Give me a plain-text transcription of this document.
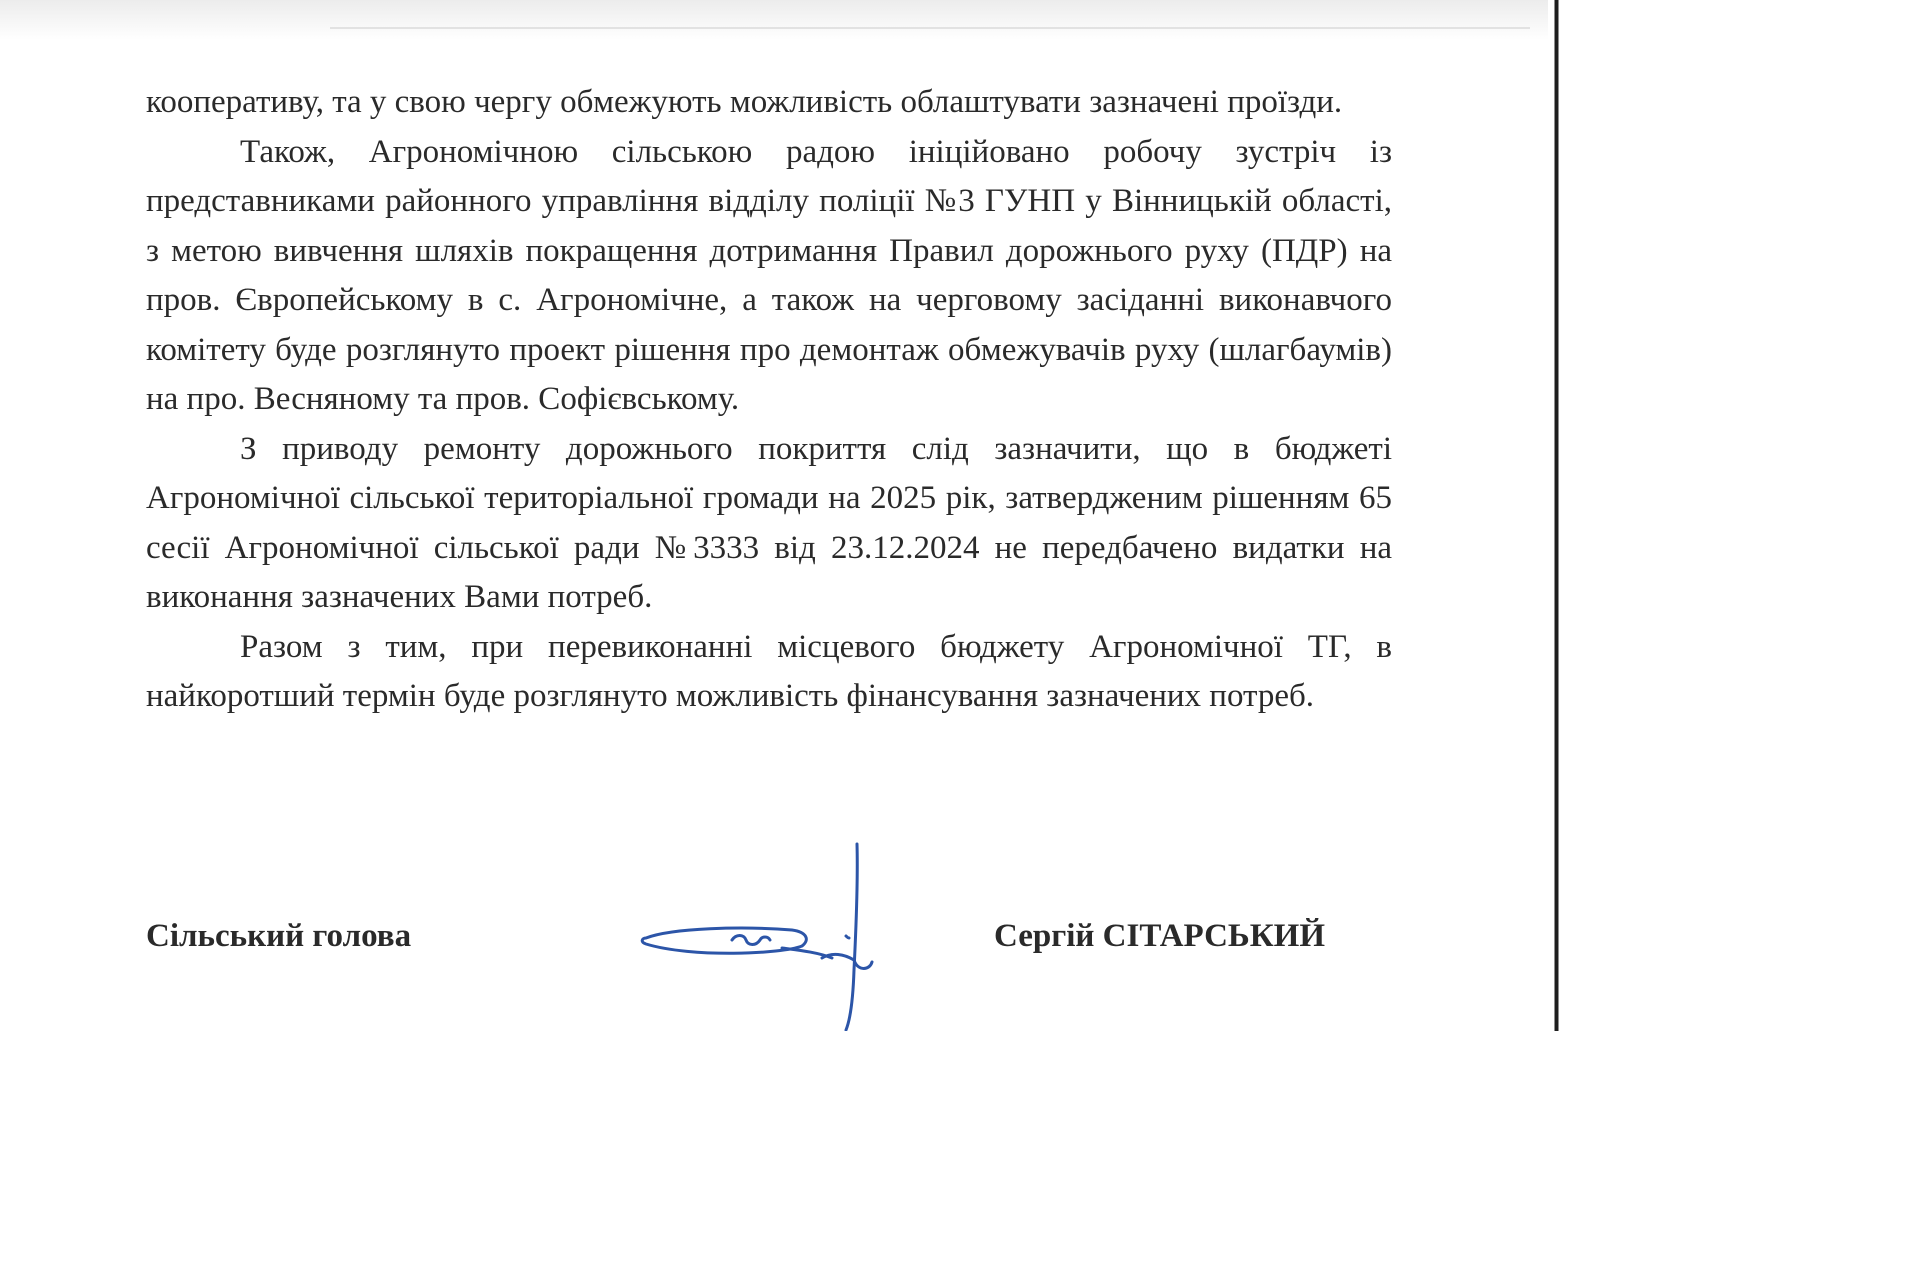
кооперативу, та у свою чергу обмежують можливість облаштувати зазначені проїзди.

Також, Агрономічною сільською радою ініційовано робочу зустріч із представниками районного управління відділу поліції №3 ГУНП у Вінницькій області, з метою вивчення шляхів покращення дотримання Правил дорожнього руху (ПДР) на пров. Європейському в с. Агрономічне, а також на черговому засіданні виконавчого комітету буде розглянуто проект рішення про демонтаж обмежувачів руху (шлагбаумів) на про. Весняному та пров. Софієвському.

З приводу ремонту дорожнього покриття слід зазначити, що в бюджеті Агрономічної сільської територіальної громади на 2025 рік, затвердженим рішенням 65 сесії Агрономічної сільської ради №3333 від 23.12.2024 не передбачено видатки на виконання зазначених Вами потреб.

Разом з тим, при перевиконанні місцевого бюджету Агрономічної ТГ, в найкоротший термін буде розглянуто можливість фінансування зазначених потреб.

Сільський голова	Сергій СІТАРСЬКИЙ
